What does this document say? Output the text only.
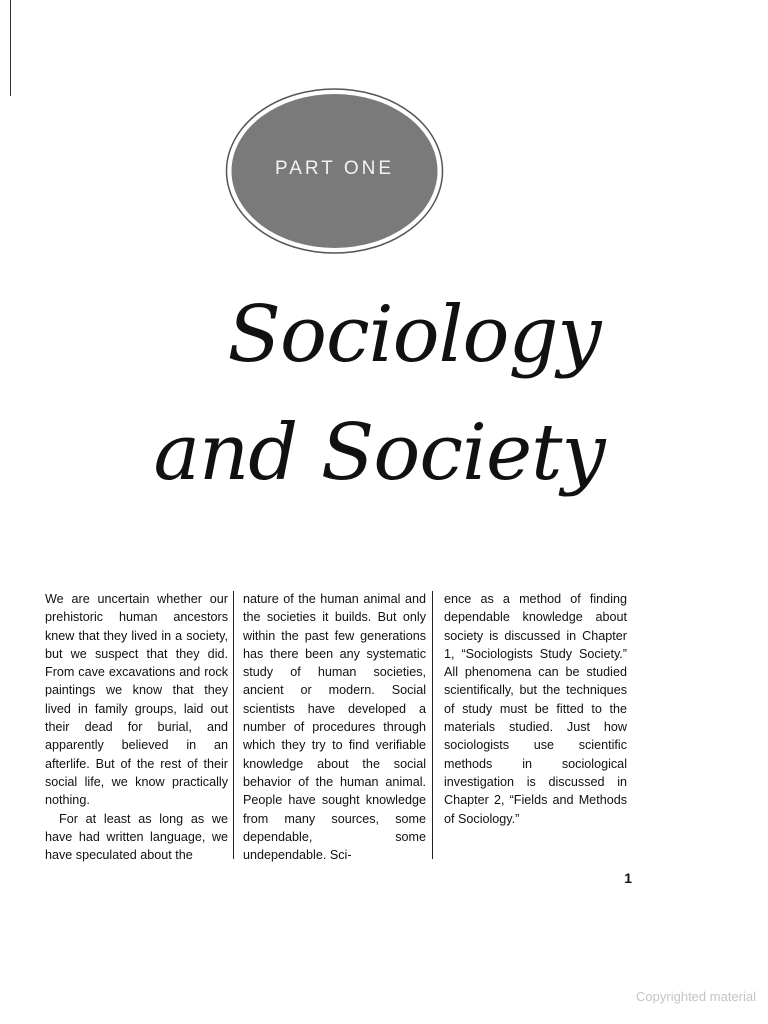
PART ONE
Sociology
and Society

We are uncertain whether our prehistoric human ancestors knew that they lived in a society, but we suspect that they did. From cave excavations and rock paintings we know that they lived in family groups, laid out their dead for burial, and apparently believed in an afterlife. But of the rest of their social life, we know practically nothing.

For at least as long as we have had written language, we have speculated about the

nature of the human animal and the societies it builds. But only within the past few generations has there been any systematic study of human societies, ancient or modern. Social scientists have developed a number of procedures through which they try to find verifiable knowledge about the social behavior of the human animal. People have sought knowledge from many sources, some dependable, some undependable. Sci-

ence as a method of finding dependable knowledge about society is discussed in Chapter 1, “Sociologists Study Society.” All phenomena can be studied scientifically, but the techniques of study must be fitted to the materials studied. Just how sociologists use scientific methods in sociological investigation is discussed in Chapter 2, “Fields and Methods of Sociology.”

1
Copyrighted material
